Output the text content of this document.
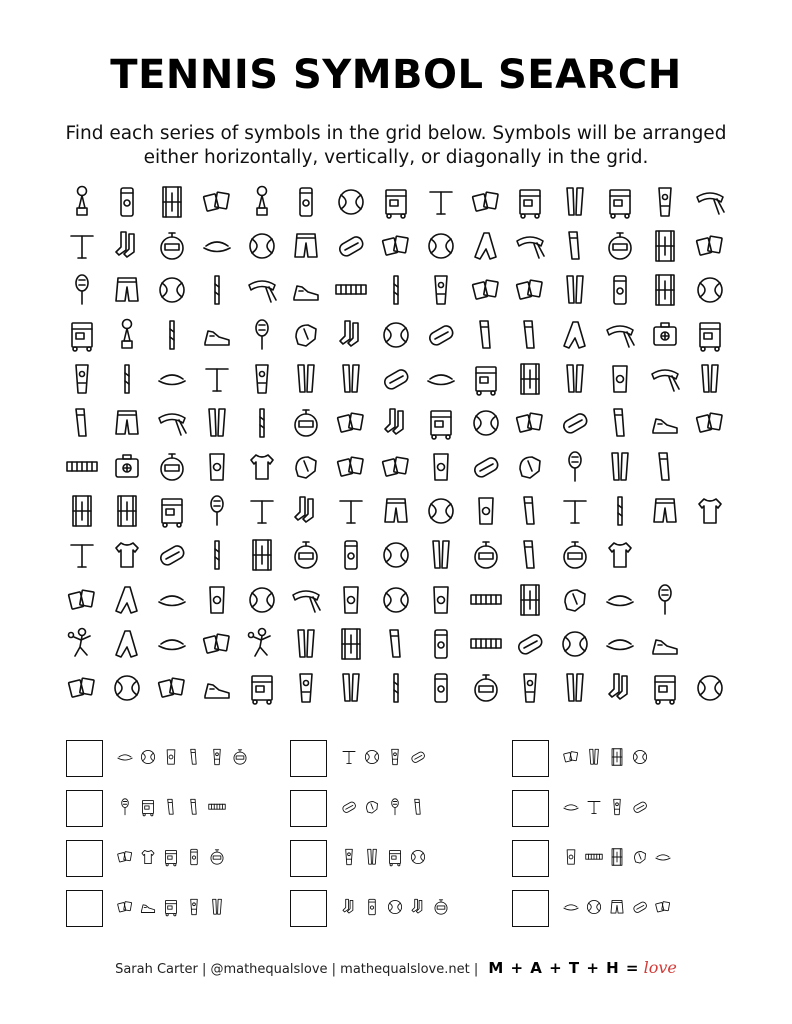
TENNIS SYMBOL SEARCH
Find each series of symbols in the grid below. Symbols will be arranged either horizontally, vertically, or diagonally in the grid.
Sarah Carter | @mathequalslove | mathequalslove.net | M + A + T + H = love
